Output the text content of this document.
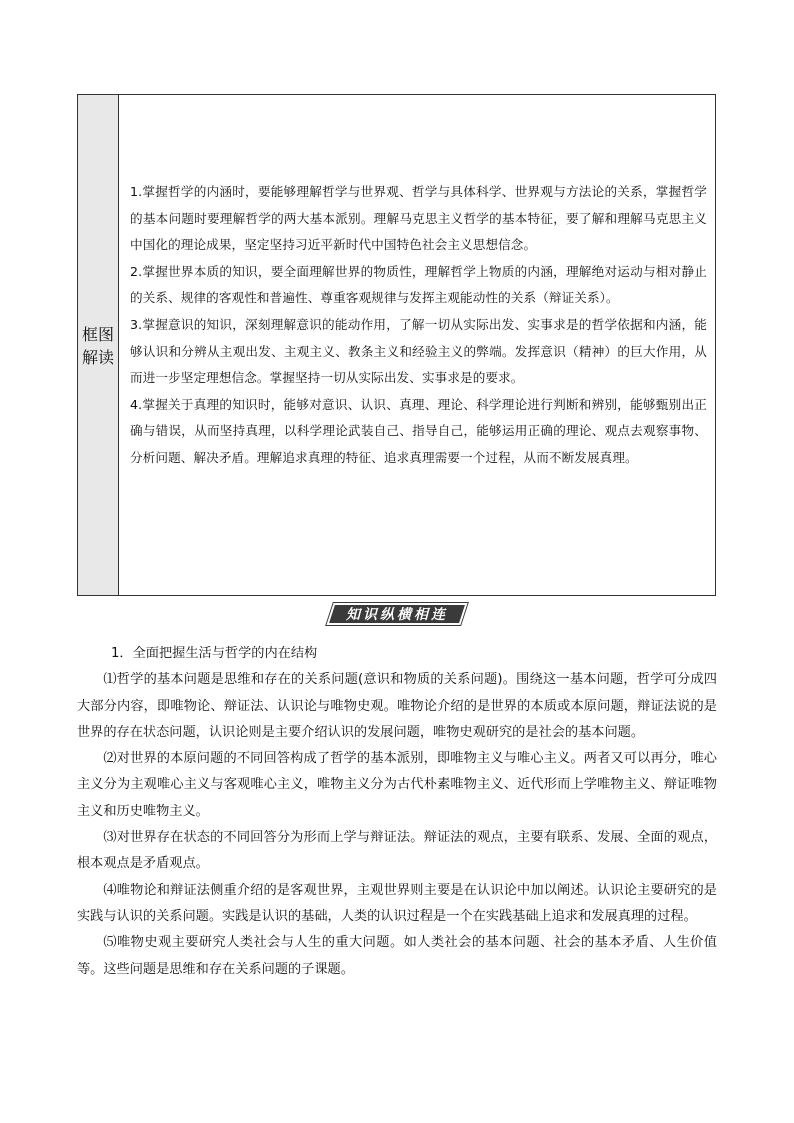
框图
解读

1.掌握哲学的内涵时，要能够理解哲学与世界观、哲学与具体科学、世界观与方法论的关系，掌握哲学的基本问题时要理解哲学的两大基本派别。理解马克思主义哲学的基本特征，要了解和理解马克思主义中国化的理论成果，坚定坚持习近平新时代中国特色社会主义思想信念。

2.掌握世界本质的知识，要全面理解世界的物质性，理解哲学上物质的内涵，理解绝对运动与相对静止的关系、规律的客观性和普遍性、尊重客观规律与发挥主观能动性的关系（辩证关系）。

3.掌握意识的知识，深刻理解意识的能动作用，了解一切从实际出发、实事求是的哲学依据和内涵，能够认识和分辨从主观出发、主观主义、教条主义和经验主义的弊端。发挥意识（精神）的巨大作用，从而进一步坚定理想信念。掌握坚持一切从实际出发、实事求是的要求。

4.掌握关于真理的知识时，能够对意识、认识、真理、理论、科学理论进行判断和辨别，能够甄别出正确与错误，从而坚持真理，以科学理论武装自己、指导自己，能够运用正确的理论、观点去观察事物、分析问题、解决矛盾。理解追求真理的特征、追求真理需要一个过程，从而不断发展真理。

知识纵横相连

1．全面把握生活与哲学的内在结构

⑴哲学的基本问题是思维和存在的关系问题(意识和物质的关系问题)。围绕这一基本问题，哲学可分成四大部分内容，即唯物论、辩证法、认识论与唯物史观。唯物论介绍的是世界的本质或本原问题，辩证法说的是世界的存在状态问题，认识论则是主要介绍认识的发展问题，唯物史观研究的是社会的基本问题。

⑵对世界的本原问题的不同回答构成了哲学的基本派别，即唯物主义与唯心主义。两者又可以再分，唯心主义分为主观唯心主义与客观唯心主义，唯物主义分为古代朴素唯物主义、近代形而上学唯物主义、辩证唯物主义和历史唯物主义。

⑶对世界存在状态的不同回答分为形而上学与辩证法。辩证法的观点，主要有联系、发展、全面的观点，根本观点是矛盾观点。

⑷唯物论和辩证法侧重介绍的是客观世界，主观世界则主要是在认识论中加以阐述。认识论主要研究的是实践与认识的关系问题。实践是认识的基础，人类的认识过程是一个在实践基础上追求和发展真理的过程。

⑸唯物史观主要研究人类社会与人生的重大问题。如人类社会的基本问题、社会的基本矛盾、人生价值等。这些问题是思维和存在关系问题的子课题。
